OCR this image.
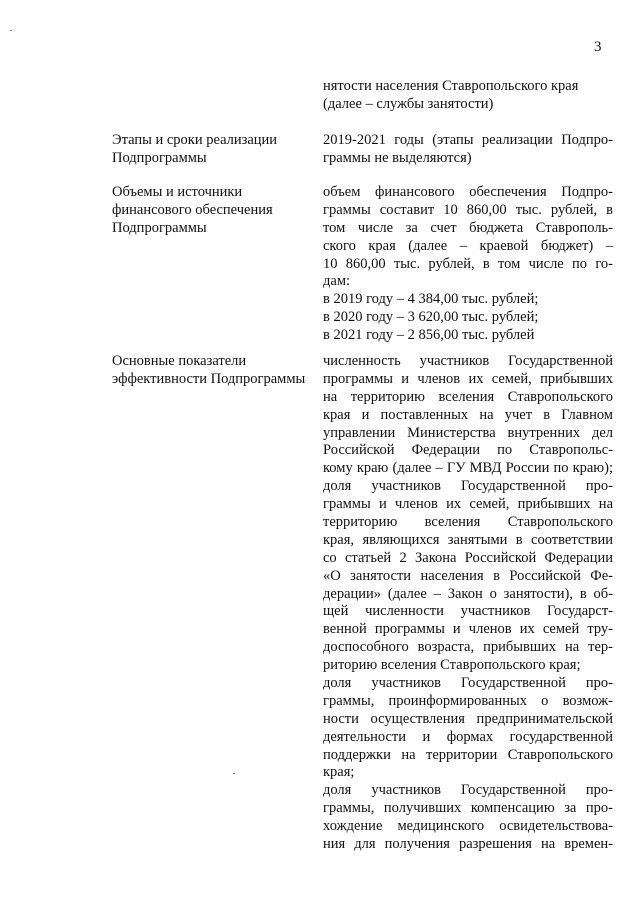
3
нятости населения Ставропольского края
(далее – службы занятости)
Этапы и сроки реализации
Подпрограммы
2019-2021 годы (этапы реализации Подпро-
граммы не выделяются)
Объемы и источники
финансового обеспечения
Подпрограммы
объем финансового обеспечения Подпро-
граммы составит 10 860,00 тыс. рублей, в
том числе за счет бюджета Ставрополь-
ского края (далее – краевой бюджет) –
10 860,00 тыс. рублей, в том числе по го-
дам:
в 2019 году – 4 384,00 тыс. рублей;
в 2020 году – 3 620,00 тыс. рублей;
в 2021 году – 2 856,00 тыс. рублей
Основные показатели
эффективности Подпрограммы
численность участников Государственной
программы и членов их семей, прибывших
на территорию вселения Ставропольского
края и поставленных на учет в Главном
управлении Министерства внутренних дел
Российской Федерации по Ставропольс-
кому краю (далее – ГУ МВД России по краю);
доля участников Государственной про-
граммы и членов их семей, прибывших на
территорию вселения Ставропольского
края, являющихся занятыми в соответствии
со статьей 2 Закона Российской Федерации
«О занятости населения в Российской Фе-
дерации» (далее – Закон о занятости), в об-
щей численности участников Государст-
венной программы и членов их семей тру-
доспособного возраста, прибывших на тер-
риторию вселения Ставропольского края;
доля участников Государственной про-
граммы, проинформированных о возмож-
ности осуществления предпринимательской
деятельности и формах государственной
поддержки на территории Ставропольского
края;
доля участников Государственной про-
граммы, получивших компенсацию за про-
хождение медицинского освидетельствова-
ния для получения разрешения на времен-
